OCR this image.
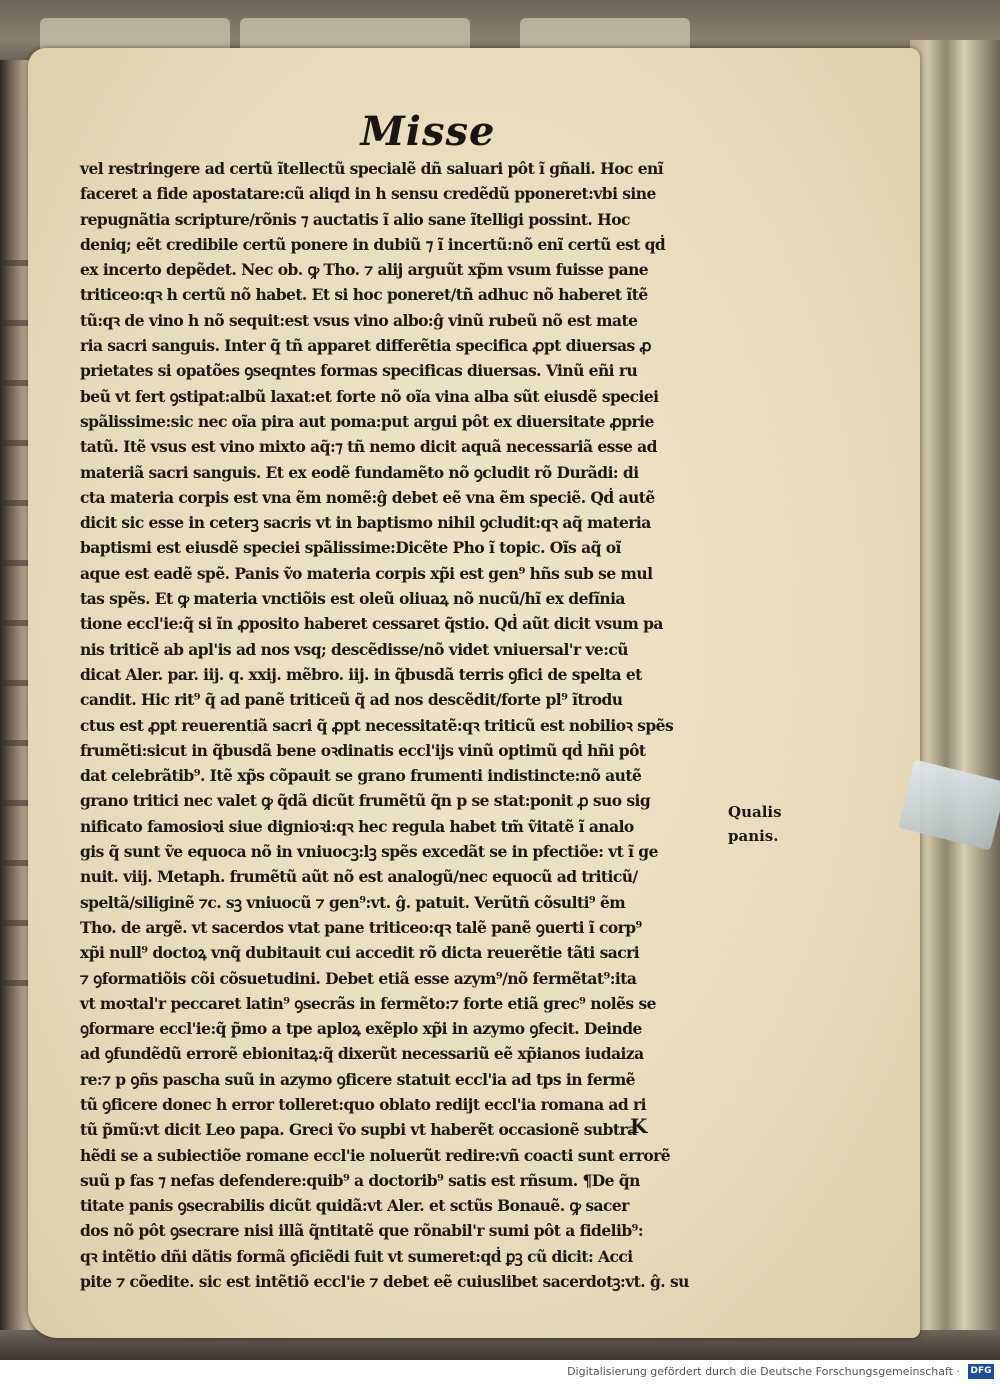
Misse
vel restringere ad certũ ĩtellectũ specialẽ dñ saluari pôt ĩ gñali. Hoc enĩ
faceret a fide apostatare:cũ aliqd in h sensu credẽdũ pponeret:vbi sine
repugnãtia scripture/rõnis ⁊ auctatis ĩ alio sane ĩtelligi possint. Hoc
deniq; eẽt credibile certũ ponere in dubiũ ⁊ ĩ incertũ:nõ enĩ certũ est qḋ
ex incerto depẽdet. Nec ob. ꝙ Tho. ⁊ alij arguũt xp̃m vsum fuisse pane
triticeo:qꝛ h certũ nõ habet. Et si hoc poneret/tñ adhuc nõ haberet ĩtẽ
tũ:qꝛ de vino h nõ sequit:est vsus vino albo:ĝ vinũ rubeũ nõ est mate
ria sacri sanguis. Inter q̃ tñ apparet differẽtia specifica ꝓpt diuersas ꝓ
prietates si opatões ꝯseqntes formas specificas diuersas. Vinũ eñi ru
beũ vt fert ꝯstipat:albũ laxat:et forte nõ oĩa vina alba sũt eiusdẽ speciei
spãlissime:sic nec oĩa pira aut poma:put argui pôt ex diuersitate ꝓprie
tatũ. Itẽ vsus est vino mixto aq̃:⁊ tñ nemo dicit aquã necessariã esse ad
materiã sacri sanguis. Et ex eodẽ fundamẽto nõ ꝯcludit rõ Durãdi: di
cta materia corpis est vna ẽm nomẽ:ĝ debet eẽ vna ẽm speciẽ. Qḋ autẽ
dicit sic esse in ceterꝫ sacris vt in baptismo nihil ꝯcludit:qꝛ aq̃ materia
baptismi est eiusdẽ speciei spãlissime:Dicẽte Pho ĩ topic. Oĩs aq̃ oĩ
aque est eadẽ spẽ. Panis ṽo materia corpis xp̃i est gen⁹ hñs sub se mul
tas spẽs. Et ꝙ materia vnctiõis est oleũ oliuaꝝ nõ nucũ/hĩ ex defĩnia
tione eccl'ie:q̃ si ĩn ꝓposito haberet cessaret q̃stio. Qḋ aũt dicit vsum pa
nis triticẽ ab apl'is ad nos vsq; descẽdisse/nõ videt vniuersal'r ve:cũ
dicat Aler. par. iij. q. xxij. mẽbro. iij. in q̃busdã terris ꝯfici de spelta et
candit. Hic rit⁹ q̃ ad panẽ triticeũ q̃ ad nos descẽdit/forte pl⁹ ĩtrodu
ctus est ꝓpt reuerentiã sacri q̃ ꝓpt necessitatẽ:qꝛ triticũ est nobilioꝛ spẽs
frumẽti:sicut in q̃busdã bene oꝛdinatis eccl'ijs vinũ optimũ qḋ hñi pôt
dat celebrãtib⁹. Itẽ xp̃s cõpauit se grano frumenti indistincte:nõ autẽ
grano tritici nec valet ꝙ q̃dã dicũt frumẽtũ q̃n p se stat:ponit ꝓ suo sig
nificato famosioꝛi siue dignioꝛi:qꝛ hec regula habet tm̃ ṽitatẽ ĩ analo
gis q̃ sunt ṽe equoca nõ in vniuocꝫ:lꝫ spẽs excedãt se in pfectiõe: vt ĩ ge
nuit. viij. Metaph. frumẽtũ aũt nõ est analogũ/nec equocũ ad triticũ/
speltã/siliginẽ ⁊c. sꝫ vniuocũ ⁊ gen⁹:vt. ĝ. patuit. Verũtñ cõsulti⁹ ẽm
Tho. de argẽ. vt sacerdos vtat pane triticeo:qꝛ talẽ panẽ ꝯuerti ĩ corp⁹
xp̃i null⁹ doctoꝝ vnq̃ dubitauit cui accedit rõ dicta reuerẽtie tãti sacri
⁊ ꝯformatiõis cõi cõsuetudini. Debet etiã esse azym⁹/nõ fermẽtat⁹:ita
vt moꝛtal'r peccaret latin⁹ ꝯsecrãs in fermẽto:⁊ forte etiã grec⁹ nolẽs se
ꝯformare eccl'ie:q̃ p̃mo a tpe aploꝝ exẽplo xp̃i in azymo ꝯfecit. Deinde
ad ꝯfundẽdũ errorẽ ebionitaꝝ:q̃ dixerũt necessariũ eẽ xp̃ianos iudaiza
re:⁊ p ꝯñs pascha suũ in azymo ꝯficere statuit eccl'ia ad tps in fermẽ
tũ ꝯficere donec h error tolleret:quo oblato redijt eccl'ia romana ad ri
tũ p̃mũ:vt dicit Leo papa. Greci ṽo supbi vt haberẽt occasionẽ subtra
hẽdi se a subiectiõe romane eccl'ie noluerũt redire:vñ coacti sunt errorẽ
suũ p fas ⁊ nefas defendere:quib⁹ a doctorib⁹ satis est rñsum. ¶De q̃n
titate panis ꝯsecrabilis dicũt quidã:vt Aler. et sctũs Bonauẽ. ꝙ sacer
dos nõ pôt ꝯsecrare nisi illã q̃ntitatẽ que rõnabil'r sumi pôt a fidelib⁹:
qꝛ intẽtio dñi dãtis formã ꝯficiẽdi fuit vt sumeret:qḋ ꝑꝫ cũ dicit: Acci
pite ⁊ cõedite. sic est intẽtiõ eccl'ie ⁊ debet eẽ cuiuslibet sacerdotꝫ:vt. ĝ. su
Qualis
panis.
K
Digitalisierung gefördert durch die Deutsche Forschungsgemeinschaft · DFG
